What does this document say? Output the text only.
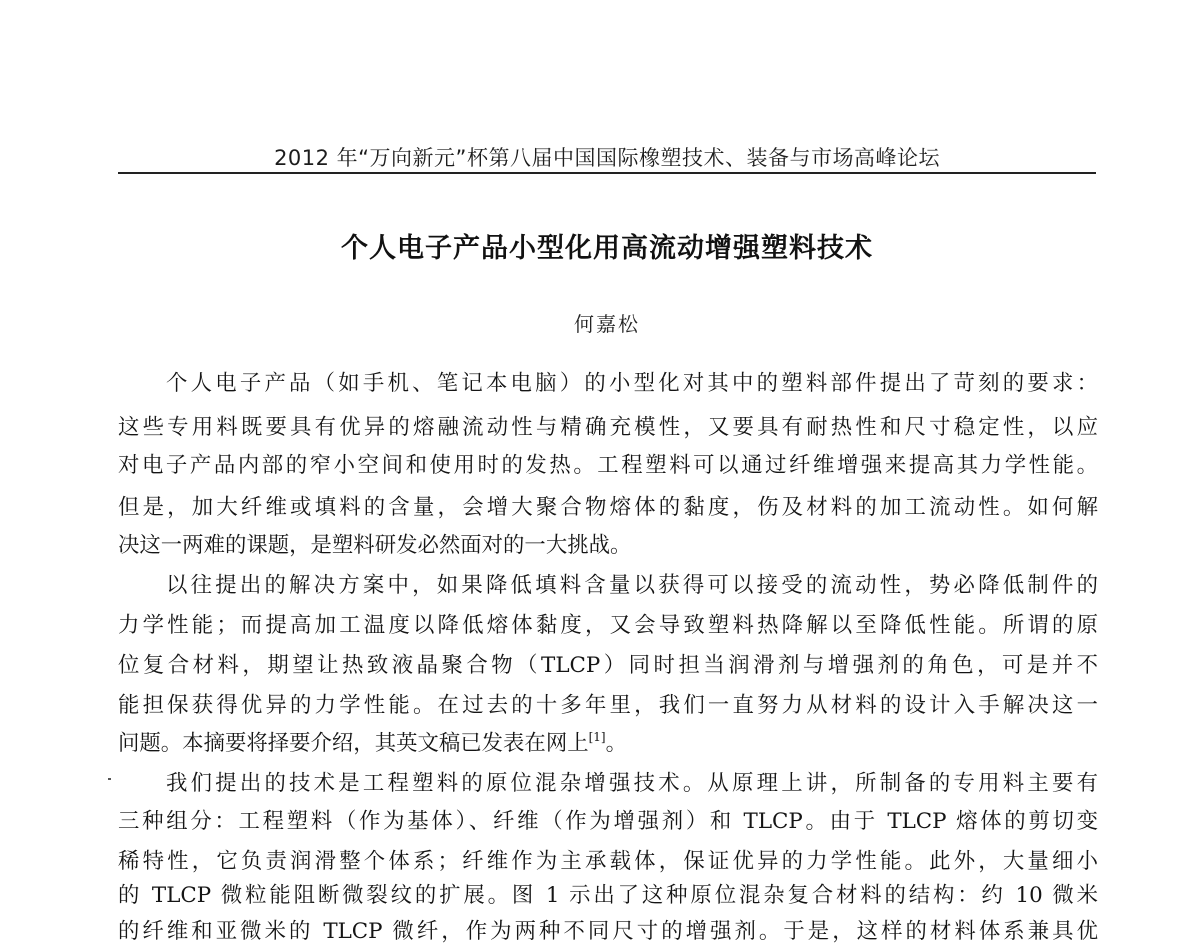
2012 年“万向新元”杯第八届中国国际橡塑技术、装备与市场高峰论坛
个人电子产品小型化用高流动增强塑料技术
何嘉松
个人电子产品（如手机、笔记本电脑）的小型化对其中的塑料部件提出了苛刻的要求：
这些专用料既要具有优异的熔融流动性与精确充模性，又要具有耐热性和尺寸稳定性，以应
对电子产品内部的窄小空间和使用时的发热。工程塑料可以通过纤维增强来提高其力学性能。
但是，加大纤维或填料的含量，会增大聚合物熔体的黏度，伤及材料的加工流动性。如何解
决这一两难的课题，是塑料研发必然面对的一大挑战。
以往提出的解决方案中，如果降低填料含量以获得可以接受的流动性，势必降低制件的
力学性能；而提高加工温度以降低熔体黏度，又会导致塑料热降解以至降低性能。所谓的原
位复合材料，期望让热致液晶聚合物（TLCP）同时担当润滑剂与增强剂的角色，可是并不
能担保获得优异的力学性能。在过去的十多年里，我们一直努力从材料的设计入手解决这一
问题。本摘要将择要介绍，其英文稿已发表在网上[1]。
我们提出的技术是工程塑料的原位混杂增强技术。从原理上讲，所制备的专用料主要有
三种组分：工程塑料（作为基体）、纤维（作为增强剂）和 TLCP。由于 TLCP 熔体的剪切变
稀特性，它负责润滑整个体系；纤维作为主承载体，保证优异的力学性能。此外，大量细小
的 TLCP 微粒能阻断微裂纹的扩展。图 1 示出了这种原位混杂复合材料的结构：约 10 微米
的纤维和亚微米的 TLCP 微纤，作为两种不同尺寸的增强剂。于是，这样的材料体系兼具优
